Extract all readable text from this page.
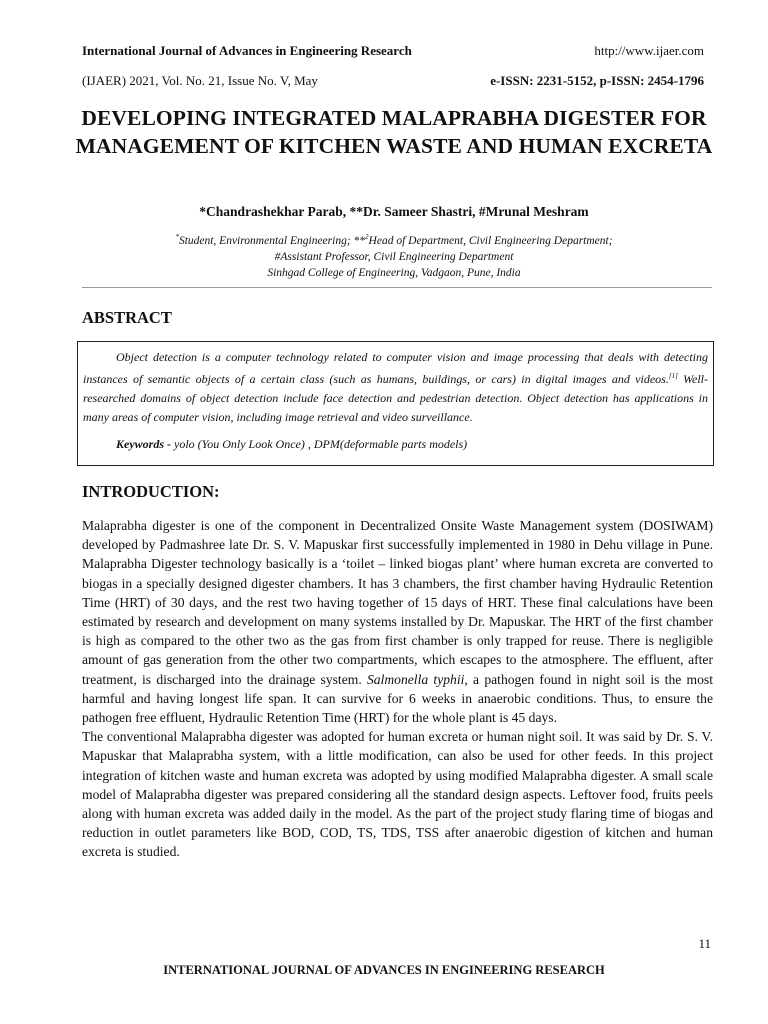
International Journal of Advances in Engineering Research	http://www.ijaer.com
(IJAER) 2021, Vol. No. 21, Issue No. V, May	e-ISSN: 2231-5152, p-ISSN: 2454-1796
DEVELOPING INTEGRATED MALAPRABHA DIGESTER FOR MANAGEMENT OF KITCHEN WASTE AND HUMAN EXCRETA
*Chandrashekhar Parab, **Dr. Sameer Shastri, #Mrunal Meshram
*Student, Environmental Engineering; **$^2$Head of Department, Civil Engineering Department;
#Assistant Professor, Civil Engineering Department
Sinhgad College of Engineering, Vadgaon, Pune, India
ABSTRACT

Object detection is a computer technology related to computer vision and image processing that deals with detecting instances of semantic objects of a certain class (such as humans, buildings, or cars) in digital images and videos.[1] Well-researched domains of object detection include face detection and pedestrian detection. Object detection has applications in many areas of computer vision, including image retrieval and video surveillance.

Keywords - yolo (You Only Look Once) , DPM(deformable parts models)
INTRODUCTION:

Malaprabha digester is one of the component in Decentralized Onsite Waste Management system (DOSIWAM) developed by Padmashree late Dr. S. V. Mapuskar first successfully implemented in 1980 in Dehu village in Pune. Malaprabha Digester technology basically is a ‘toilet – linked biogas plant’ where human excreta are converted to biogas in a specially designed digester chambers. It has 3 chambers, the first chamber having Hydraulic Retention Time (HRT) of 30 days, and the rest two having together of 15 days of HRT. These final calculations have been estimated by research and development on many systems installed by Dr. Mapuskar. The HRT of the first chamber is high as compared to the other two as the gas from first chamber is only trapped for reuse. There is negligible amount of gas generation from the other two compartments, which escapes to the atmosphere. The effluent, after treatment, is discharged into the drainage system. Salmonella typhii, a pathogen found in night soil is the most harmful and having longest life span. It can survive for 6 weeks in anaerobic conditions. Thus, to ensure the pathogen free effluent, Hydraulic Retention Time (HRT) for the whole plant is 45 days.

The conventional Malaprabha digester was adopted for human excreta or human night soil. It was said by Dr. S. V. Mapuskar that Malaprabha system, with a little modification, can also be used for other feeds. In this project integration of kitchen waste and human excreta was adopted by using modified Malaprabha digester. A small scale model of Malaprabha digester was prepared considering all the standard design aspects. Leftover food, fruits peels along with human excreta was added daily in the model. As the part of the project study flaring time of biogas and reduction in outlet parameters like BOD, COD, TS, TDS, TSS after anaerobic digestion of kitchen and human excreta is studied.

11
INTERNATIONAL JOURNAL OF ADVANCES IN ENGINEERING RESEARCH
